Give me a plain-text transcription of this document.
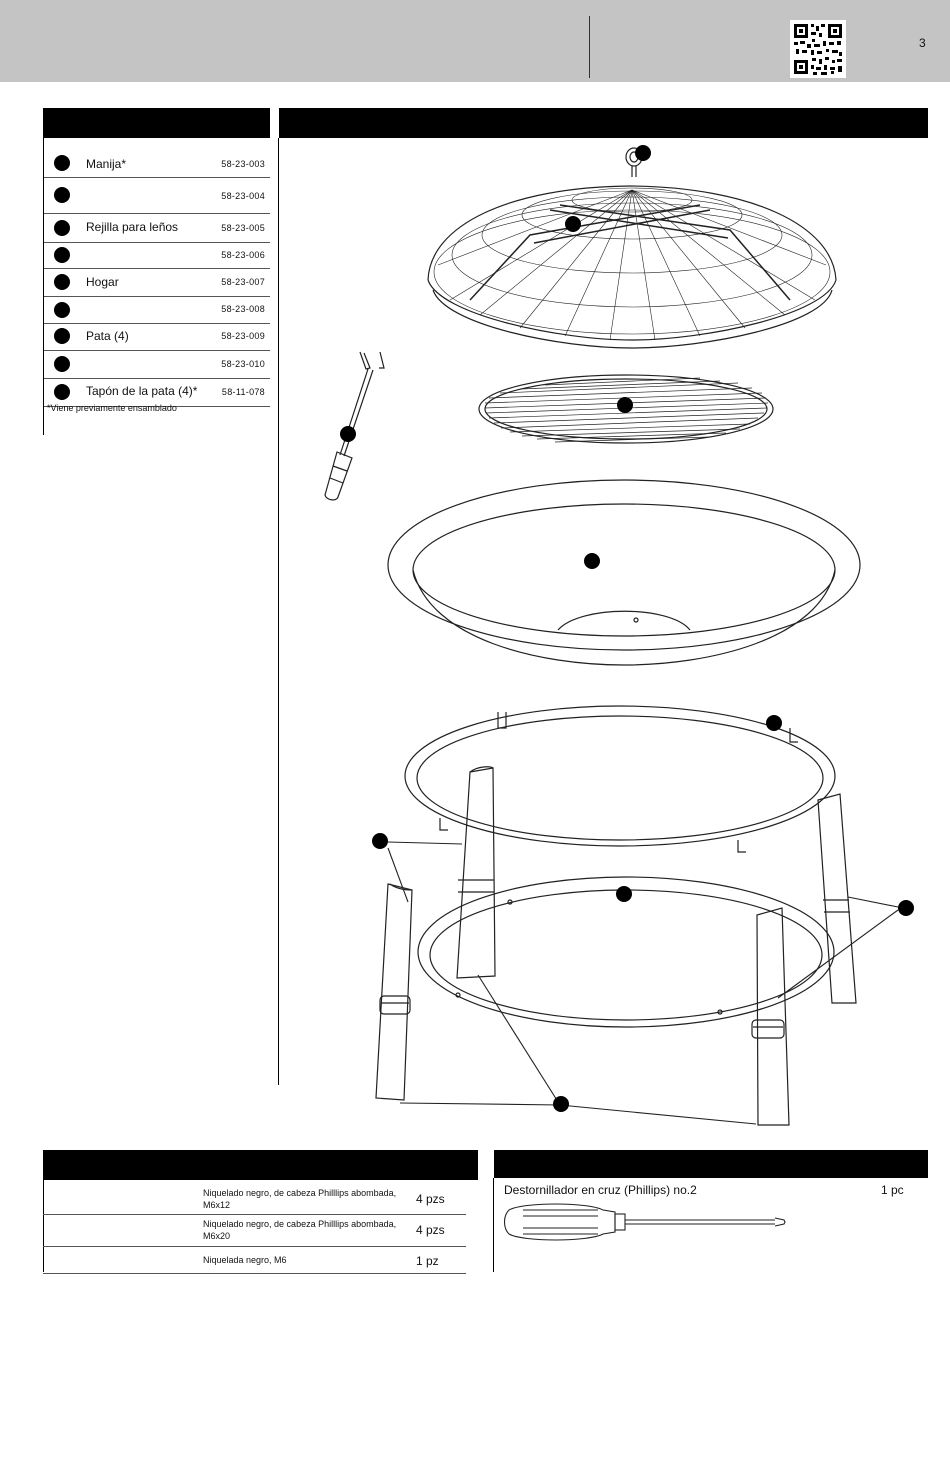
3
Manija*	58-23-003
58-23-004
Rejilla para leños	58-23-005
58-23-006
Hogar	58-23-007
58-23-008
Pata (4)	58-23-009
58-23-010
Tapón de la pata (4)*	58-11-078
*Viene previamente ensamblado
Niquelado negro, de cabeza Philllips abombada, M6x12	4 pzs
Niquelado negro, de cabeza Philllips abombada, M6x20	4 pzs
Niquelada negro, M6	1 pz
Destornillador en cruz (Phillips) no.2	1 pc
